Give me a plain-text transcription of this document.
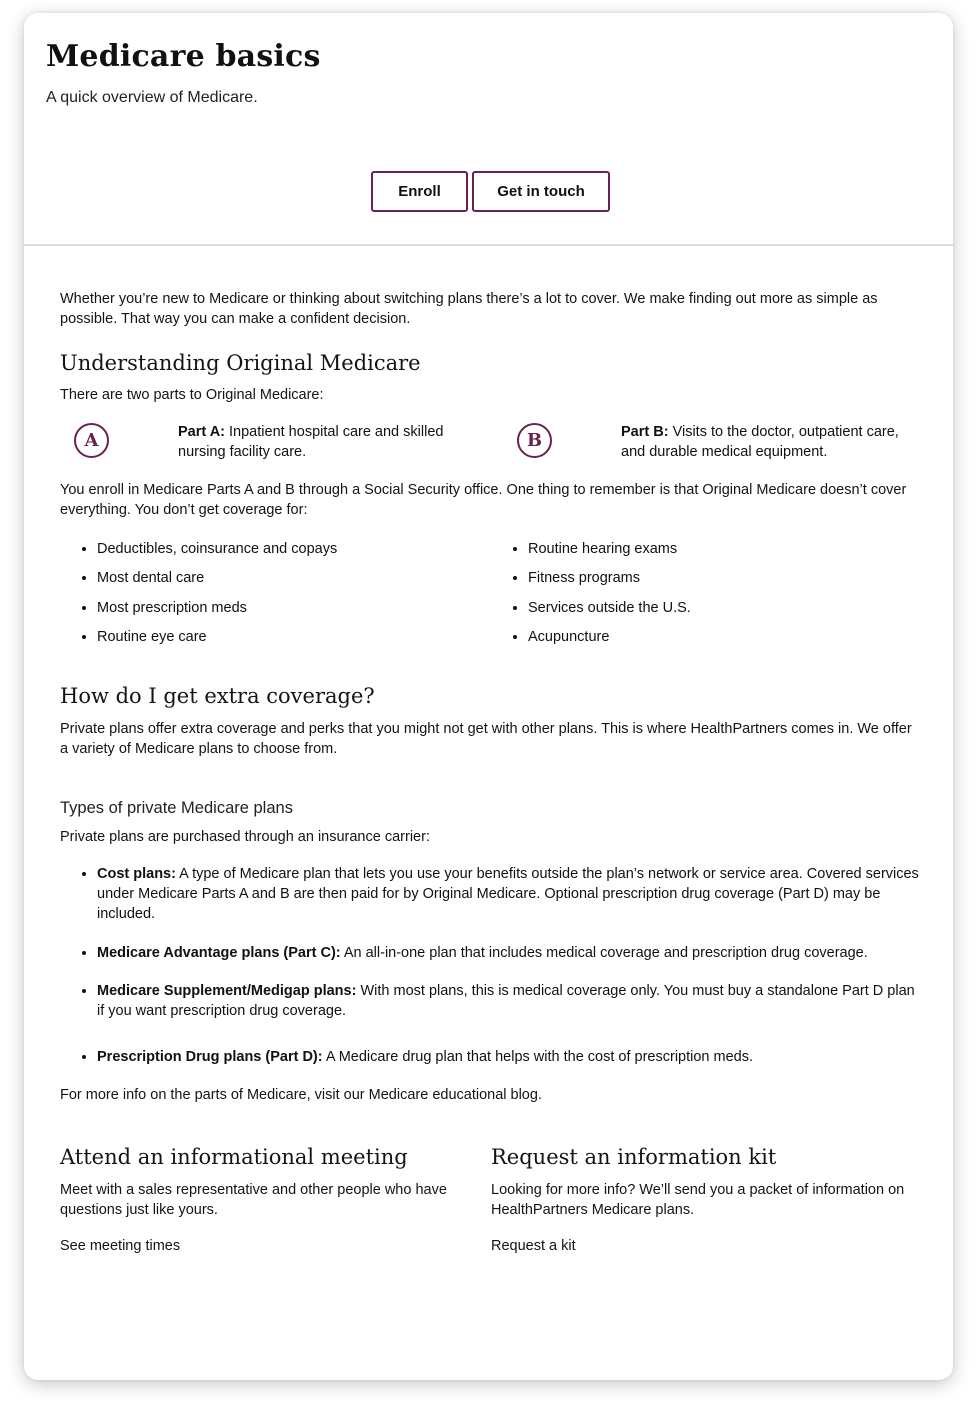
Medicare basics

A quick overview of Medicare.

Enroll	Get in touch

Whether you’re new to Medicare or thinking about switching plans there’s a lot to cover. We make finding out more as simple as possible. That way you can make a confident decision.

Understanding Original Medicare

There are two parts to Original Medicare:

A	Part A: Inpatient hospital care and skilled nursing facility care.

B	Part B: Visits to the doctor, outpatient care, and durable medical equipment.

You enroll in Medicare Parts A and B through a Social Security office. One thing to remember is that Original Medicare doesn’t cover everything. You don’t get coverage for:

• Deductibles, coinsurance and copays
• Most dental care
• Most prescription meds
• Routine eye care
• Routine hearing exams
• Fitness programs
• Services outside the U.S.
• Acupuncture
How do I get extra coverage?

Private plans offer extra coverage and perks that you might not get with other plans. This is where HealthPartners comes in. We offer a variety of Medicare plans to choose from.

Types of private Medicare plans

Private plans are purchased through an insurance carrier:

• Cost plans: A type of Medicare plan that lets you use your benefits outside the plan’s network or service area. Covered services under Medicare Parts A and B are then paid for by Original Medicare. Optional prescription drug coverage (Part D) may be included.
• Medicare Advantage plans (Part C): An all-in-one plan that includes medical coverage and prescription drug coverage.
• Medicare Supplement/Medigap plans: With most plans, this is medical coverage only. You must buy a standalone Part D plan if you want prescription drug coverage.
• Prescription Drug plans (Part D): A Medicare drug plan that helps with the cost of prescription meds.

For more info on the parts of Medicare, visit our Medicare educational blog.

Attend an informational meeting

Meet with a sales representative and other people who have questions just like yours.

See meeting times
Request an information kit

Looking for more info? We’ll send you a packet of information on HealthPartners Medicare plans.

Request a kit
